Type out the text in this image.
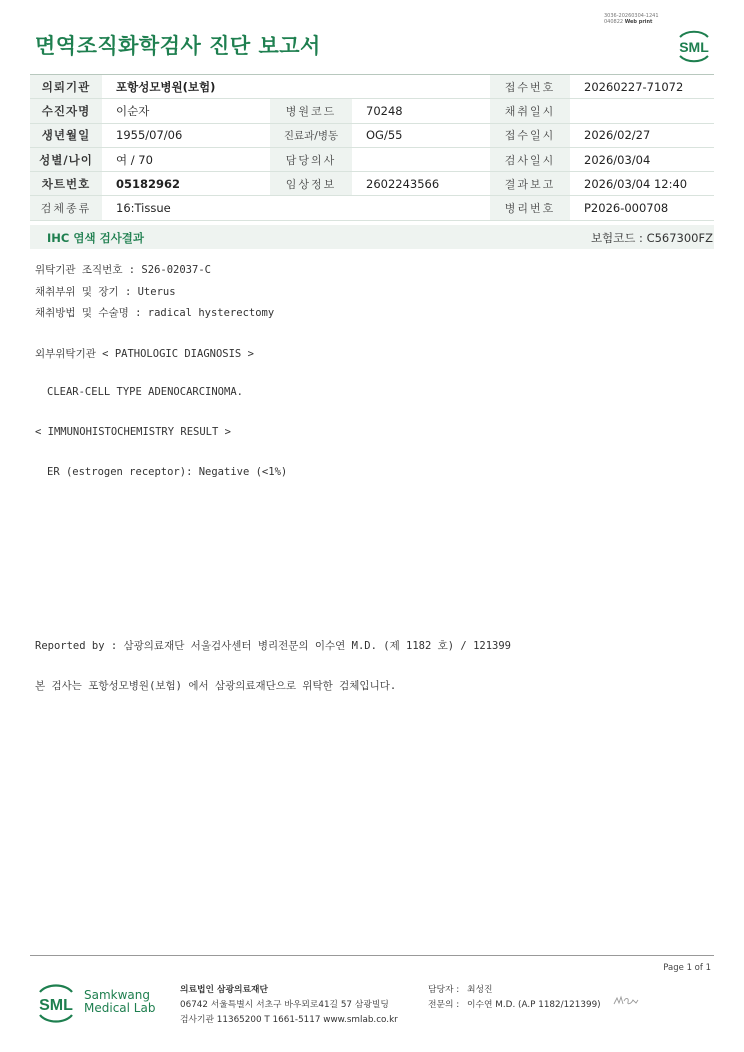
3036-20260304-1241
040822 Web print
면역조직화학검사 진단 보고서	SML
의뢰기관	포항성모병원(보험)			접수번호	20260227-71072
수진자명	이순자	병원코드	70248	채취일시	
생년월일	1955/07/06	진료과/병동	OG/55	접수일시	2026/02/27
성별/나이	여 / 70	담당의사		검사일시	2026/03/04
차트번호	05182962	임상정보	2602243566	결과보고	2026/03/04 12:40
검체종류	16:Tissue			병리번호	P2026-000708
IHC 염색 검사결과	보험코드 : C567300FZ
위탁기관 조직번호 : S26-02037-C
채취부위 및 장기 : Uterus
채취방법 및 수술명 : radical hysterectomy
외부위탁기관 < PATHOLOGIC DIAGNOSIS >
CLEAR-CELL TYPE ADENOCARCINOMA.
< IMMUNOHISTOCHEMISTRY RESULT >
ER (estrogen receptor): Negative (<1%)
Reported by : 삼광의료재단 서울검사센터 병리전문의 이수연 M.D. (제 1182 호) / 121399
본 검사는 포항성모병원(보험) 에서 삼광의료재단으로 위탁한 검체입니다.
Page 1 of 1
SML
Samkwang
Medical Lab
의료법인 삼광의료재단
06742 서울특별시 서초구 바우뫼로41길 57 삼광빌딩
검사기관 11365200 T 1661-5117 www.smlab.co.kr
담당자 : 최성진
전문의 : 이수연 M.D. (A.P 1182/121399)
